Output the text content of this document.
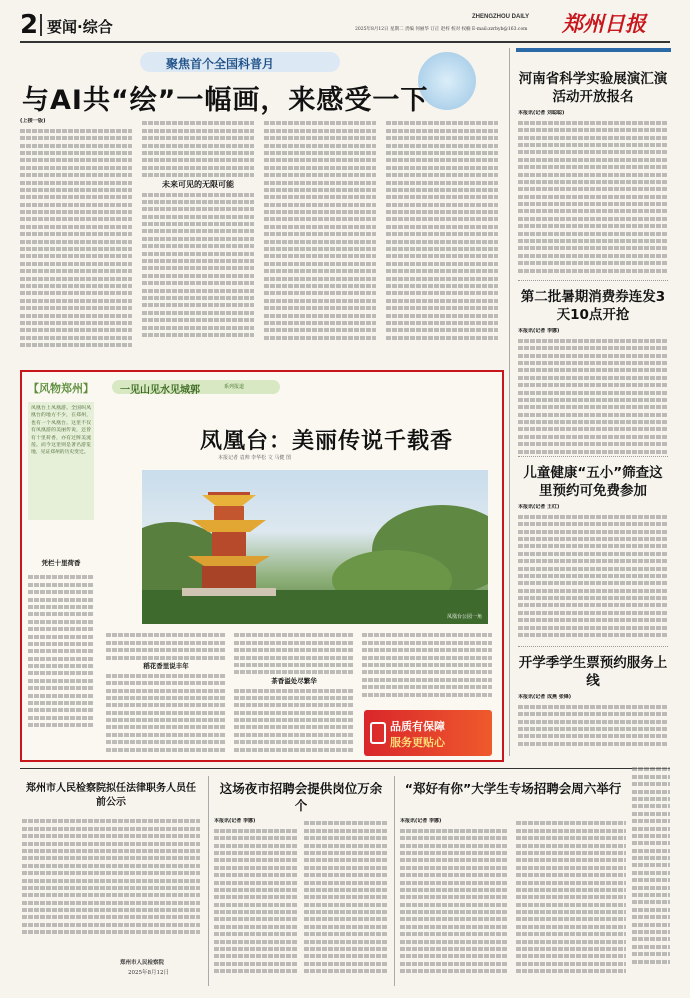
2 要闻·综合
ZHENGZHOU DAILY 郑州日报
2025年8月12日 星期二 责编 何丽华 订正 赵梓 校对 权楠 E-mail:zzrbyb@163.com
聚焦首个全国科普月
与AI共“绘”一幅画，来感受一下
(上接一版)
未来可见的无限可能
河南省科学实验展演汇演活动开放报名
本报讯(记者 刘聪聪)
第二批暑期消费券连发3天10点开抢
本报讯(记者 李娜)
儿童健康“五小”筛查这里预约可免费参加
本报讯(记者 王红)
开学季学生票预约服务上线
本报讯(记者 成燕 张锋)
【风物郑州】	一见山见水见城郭	系列报道
凤凰台上凤凰游。全国叫凤凰台的地方不少，在郑州，也有一个凤凰台。这里不仅有凤凰游的美丽传说，还曾有十里荷香，亦有过鲜美流莲。而今这里则是著名游览地，见证郑州的历史变迁。
凭栏十里荷香
凤凰台：美丽传说千载香
本报记者 袁帅 李华松 文 马健 图
凤凰台公园一角
稻花香里说丰年
茶香溢处尽繁华
品质有保障
服务更贴心
郑州市人民检察院拟任法律职务人员任前公示
郑州市人民检察院
2025年8月12日
这场夜市招聘会提供岗位万余个
本报讯(记者 李娜)
“郑好有你”大学生专场招聘会周六举行
本报讯(记者 李娜)
